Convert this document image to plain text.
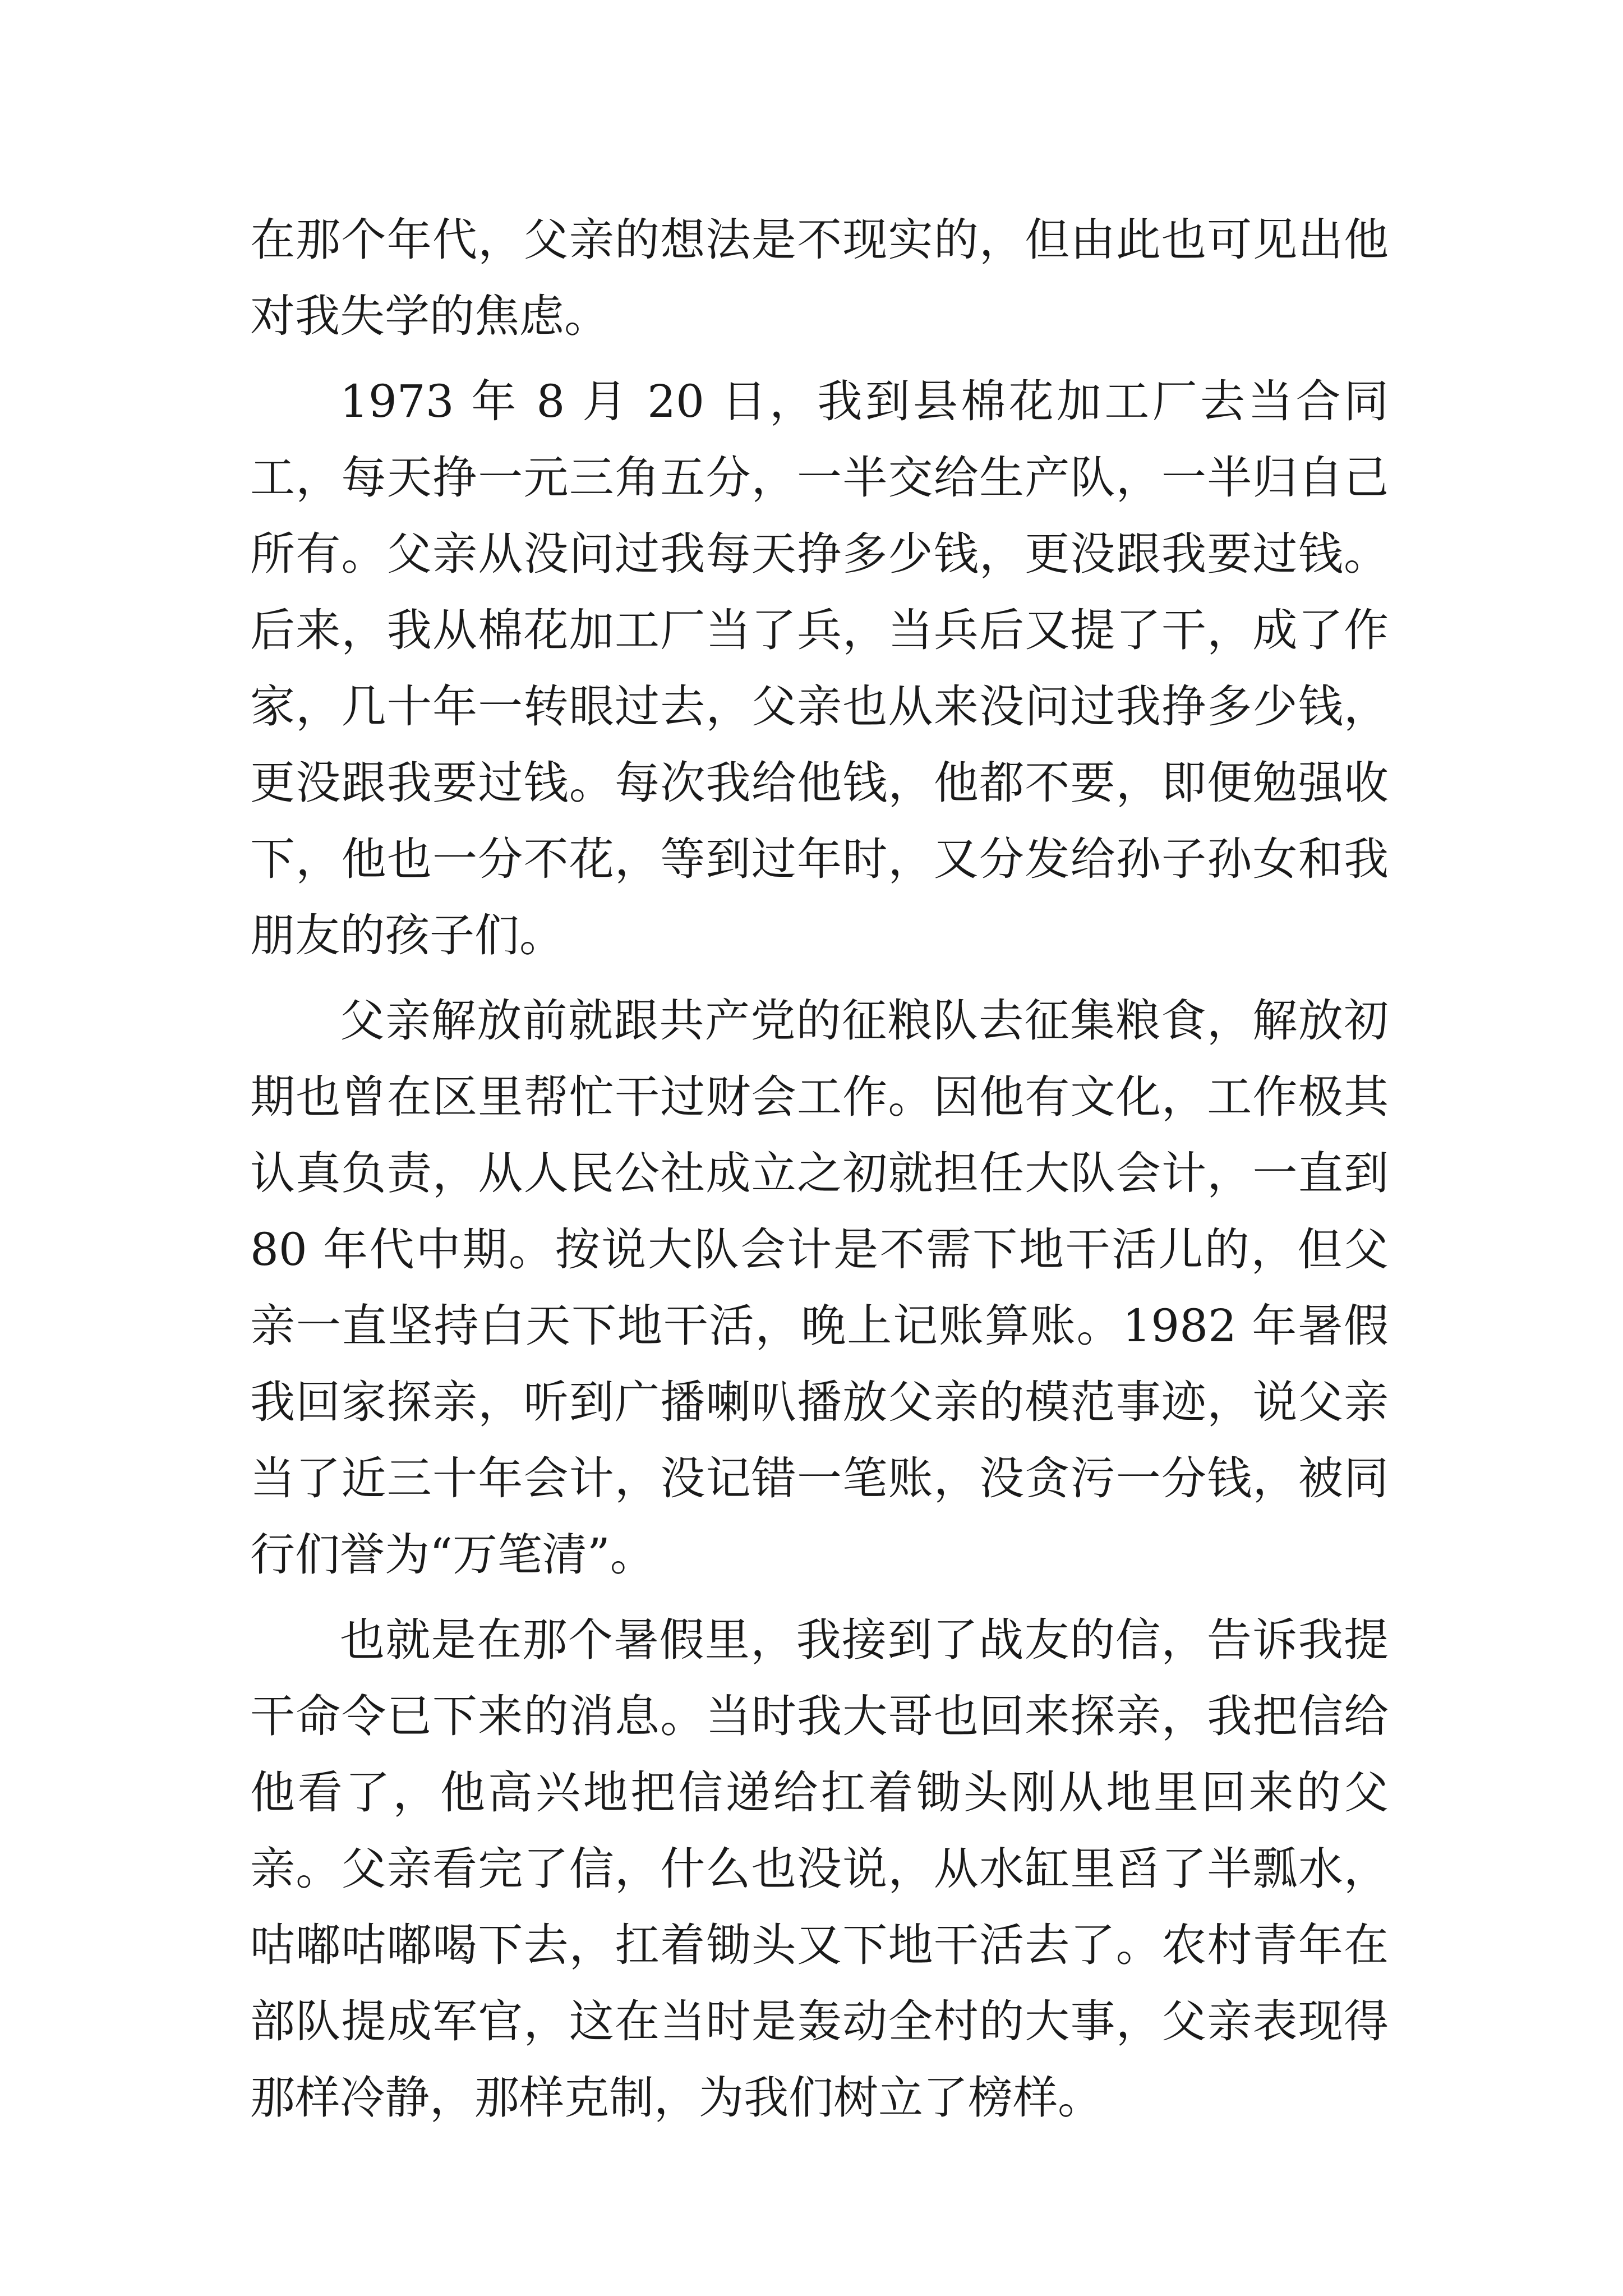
在那个年代，父亲的想法是不现实的，但由此也可见出他对我失学的焦虑。

1973 年 8 月 20 日，我到县棉花加工厂去当合同工，每天挣一元三角五分，一半交给生产队，一半归自己所有。父亲从没问过我每天挣多少钱，更没跟我要过钱。后来，我从棉花加工厂当了兵，当兵后又提了干，成了作家，几十年一转眼过去，父亲也从来没问过我挣多少钱，更没跟我要过钱。每次我给他钱，他都不要，即便勉强收下，他也一分不花，等到过年时，又分发给孙子孙女和我朋友的孩子们。

父亲解放前就跟共产党的征粮队去征集粮食，解放初期也曾在区里帮忙干过财会工作。因他有文化，工作极其认真负责，从人民公社成立之初就担任大队会计，一直到 80 年代中期。按说大队会计是不需下地干活儿的，但父亲一直坚持白天下地干活，晚上记账算账。1982 年暑假我回家探亲，听到广播喇叭播放父亲的模范事迹，说父亲当了近三十年会计，没记错一笔账，没贪污一分钱，被同行们誉为“万笔清”。

也就是在那个暑假里，我接到了战友的信，告诉我提干命令已下来的消息。当时我大哥也回来探亲，我把信给他看了，他高兴地把信递给扛着锄头刚从地里回来的父亲。父亲看完了信，什么也没说，从水缸里舀了半瓢水，咕嘟咕嘟喝下去，扛着锄头又下地干活去了。农村青年在部队提成军官，这在当时是轰动全村的大事，父亲表现得那样冷静，那样克制，为我们树立了榜样。
